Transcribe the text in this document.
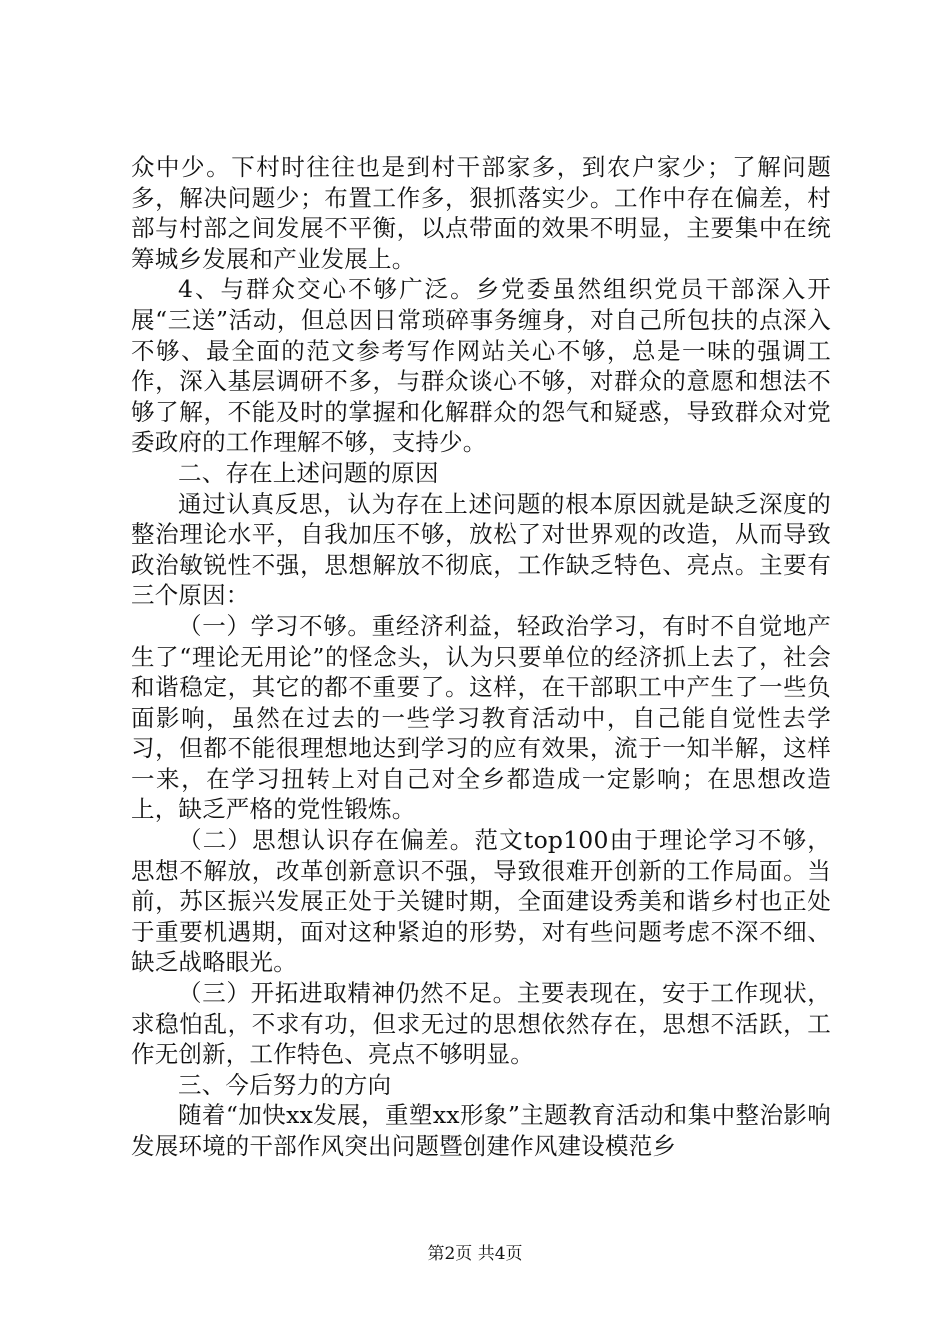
众中少。下村时往往也是到村干部家多，到农户家少；了解问题多，解决问题少；布置工作多，狠抓落实少。工作中存在偏差，村部与村部之间发展不平衡，以点带面的效果不明显，主要集中在统筹城乡发展和产业发展上。

4、与群众交心不够广泛。乡党委虽然组织党员干部深入开展“三送”活动，但总因日常琐碎事务缠身，对自己所包扶的点深入不够、最全面的范文参考写作网站关心不够，总是一味的强调工作，深入基层调研不多，与群众谈心不够，对群众的意愿和想法不够了解，不能及时的掌握和化解群众的怨气和疑惑，导致群众对党委政府的工作理解不够，支持少。

二、存在上述问题的原因

通过认真反思，认为存在上述问题的根本原因就是缺乏深度的整治理论水平，自我加压不够，放松了对世界观的改造，从而导致政治敏锐性不强，思想解放不彻底，工作缺乏特色、亮点。主要有三个原因：

（一）学习不够。重经济利益，轻政治学习，有时不自觉地产生了“理论无用论”的怪念头，认为只要单位的经济抓上去了，社会和谐稳定，其它的都不重要了。这样，在干部职工中产生了一些负面影响，虽然在过去的一些学习教育活动中，自己能自觉性去学习，但都不能很理想地达到学习的应有效果，流于一知半解，这样一来，在学习扭转上对自己对全乡都造成一定影响；在思想改造上，缺乏严格的党性锻炼。

（二）思想认识存在偏差。范文top100由于理论学习不够，思想不解放，改革创新意识不强，导致很难开创新的工作局面。当前，苏区振兴发展正处于关键时期，全面建设秀美和谐乡村也正处于重要机遇期，面对这种紧迫的形势，对有些问题考虑不深不细、缺乏战略眼光。

（三）开拓进取精神仍然不足。主要表现在，安于工作现状，求稳怕乱，不求有功，但求无过的思想依然存在，思想不活跃，工作无创新，工作特色、亮点不够明显。

三、今后努力的方向

随着“加快xx发展，重塑xx形象”主题教育活动和集中整治影响发展环境的干部作风突出问题暨创建作风建设模范乡

第2页 共4页
